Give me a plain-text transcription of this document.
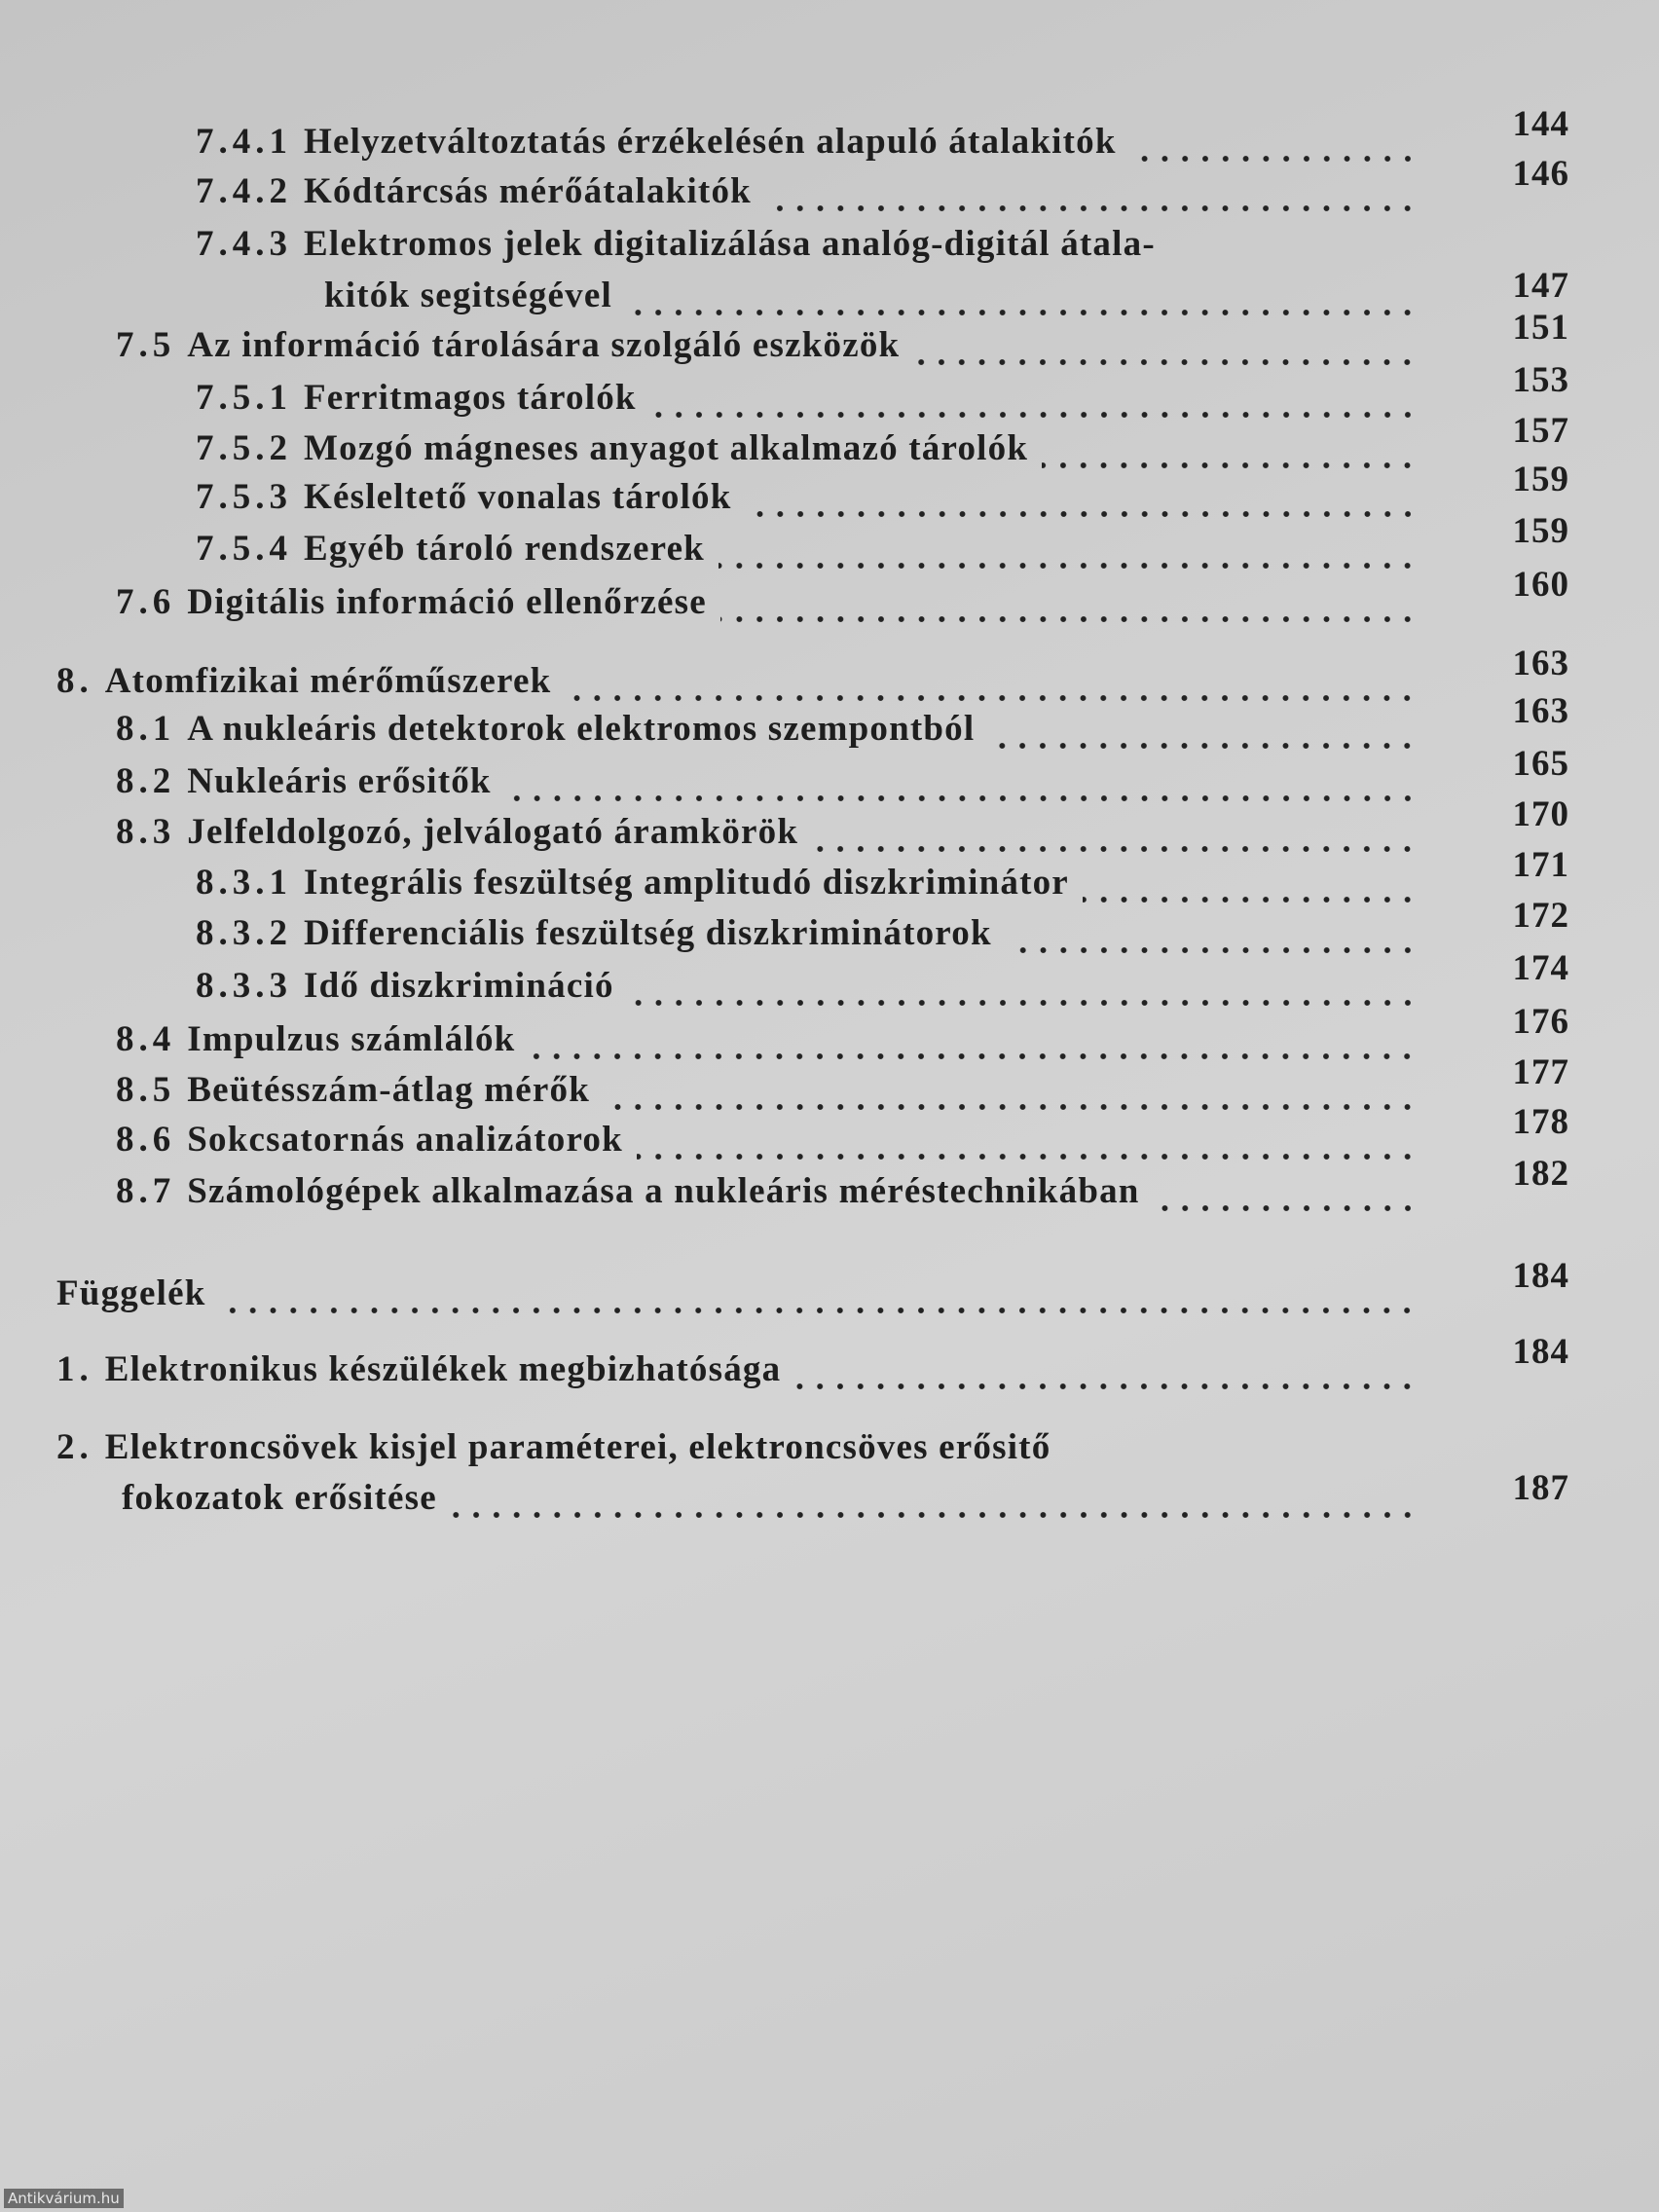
7.4.1 Helyzetváltoztatás érzékelésén alapuló átalakitók	144
7.4.2 Kódtárcsás mérőátalakitók	146
7.4.3 Elektromos jelek digitalizálása analóg-digitál átala-
kitók segitségével	147
7.5 Az információ tárolására szolgáló eszközök	151
7.5.1 Ferritmagos tárolók	153
7.5.2 Mozgó mágneses anyagot alkalmazó tárolók	157
7.5.3 Késleltető vonalas tárolók	159
7.5.4 Egyéb tároló rendszerek	159
7.6 Digitális információ ellenőrzése	160
8. Atomfizikai mérőműszerek	163
8.1 A nukleáris detektorok elektromos szempontból	163
8.2 Nukleáris erősitők	165
8.3 Jelfeldolgozó, jelválogató áramkörök	170
8.3.1 Integrális feszültség amplitudó diszkriminátor	171
8.3.2 Differenciális feszültség diszkriminátorok	172
8.3.3 Idő diszkrimináció	174
8.4 Impulzus számlálók	176
8.5 Beütésszám-átlag mérők	177
8.6 Sokcsatornás analizátorok	178
8.7 Számológépek alkalmazása a nukleáris méréstechnikában	182
Függelék	184
1. Elektronikus készülékek megbizhatósága	184
2. Elektroncsövek kisjel paraméterei, elektroncsöves erősitő
fokozatok erősitése	187
Antikvárium.hu
